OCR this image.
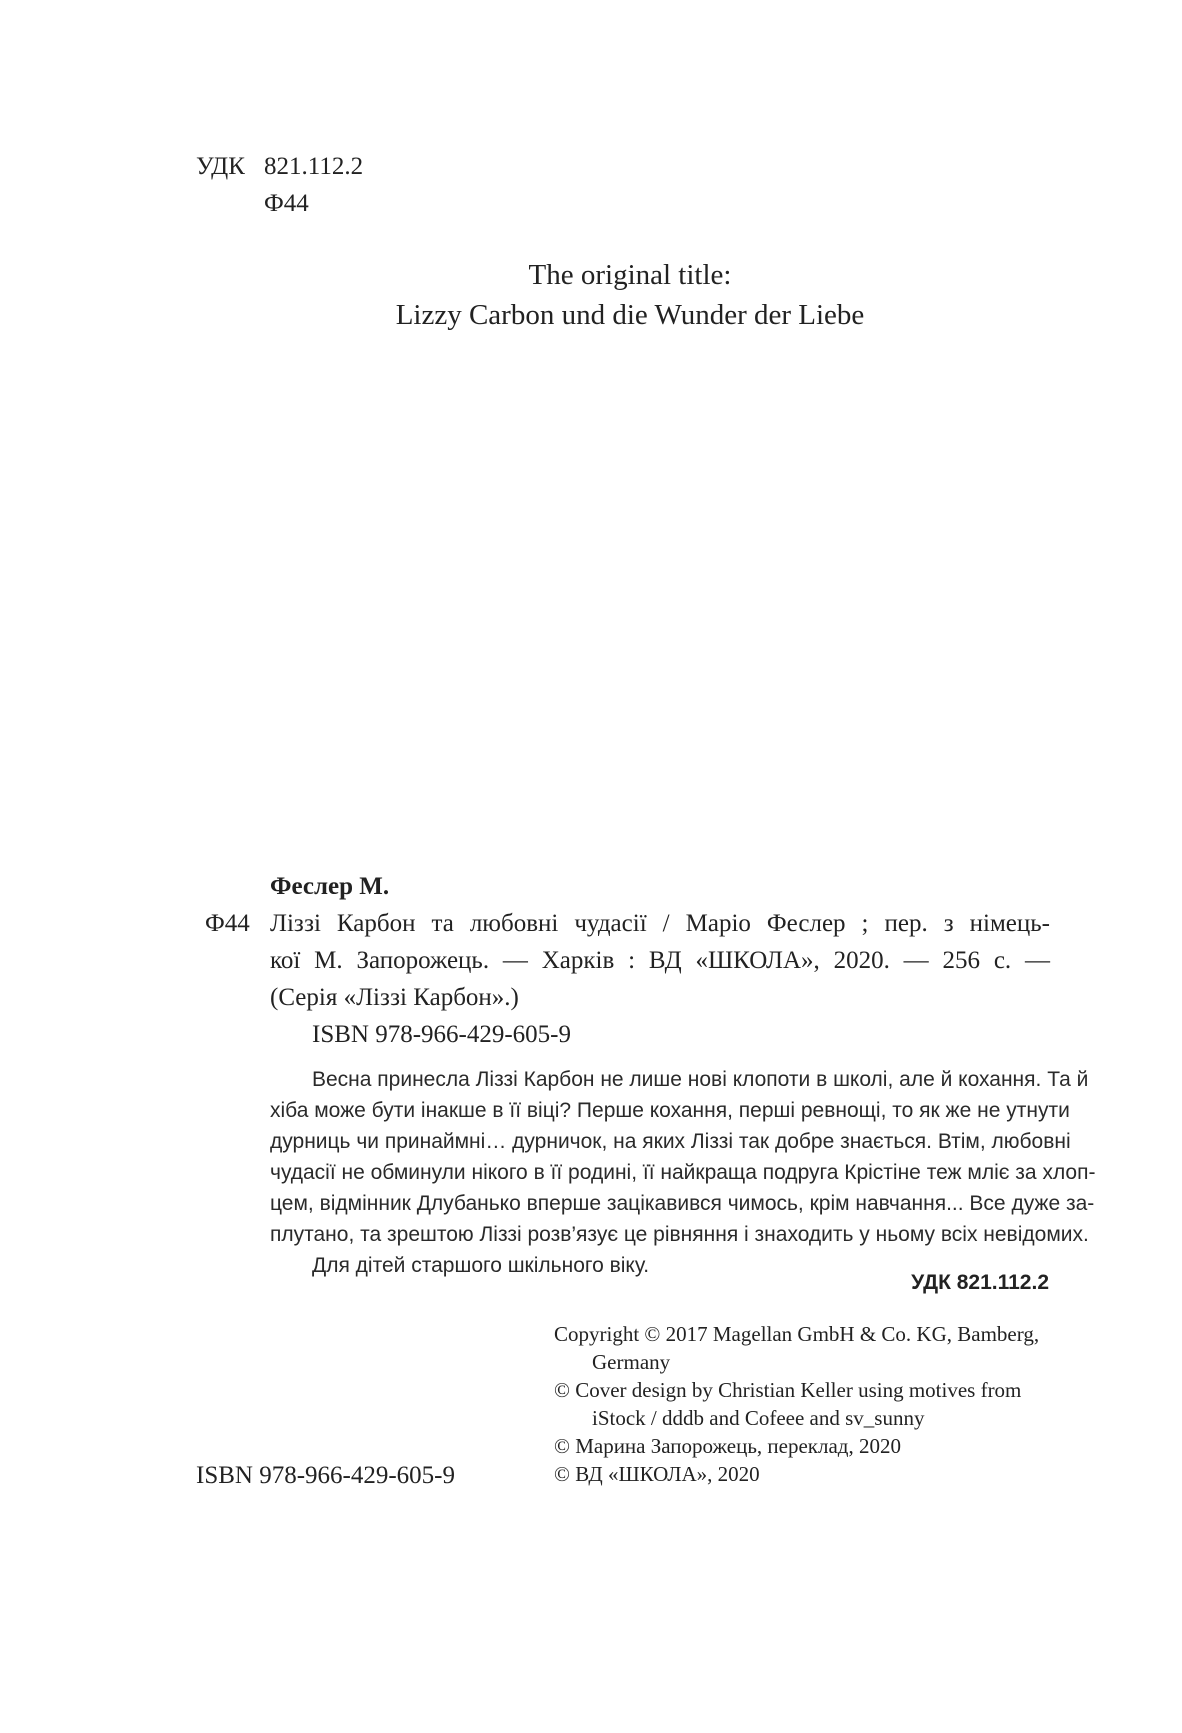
УДК 821.112.2
Ф44
The original title:
Lizzy Carbon und die Wunder der Liebe
Ф44
Феслер М.
Ліззі Карбон та любовні чудасії / Маріо Феслер ; пер. з німець-
кої М. Запорожець. — Харків : ВД «ШКОЛА», 2020. — 256 с. —
(Серія «Ліззі Карбон».)
ISBN 978-966-429-605-9
Весна принесла Ліззі Карбон не лише нові клопоти в школі, але й кохання. Та й
хіба може бути інакше в її віці? Перше кохання, перші ревнощі, то як же не утнути
дурниць чи принаймні… дурничок, на яких Ліззі так добре знається. Втім, любовні
чудасії не обминули нікого в її родині, її найкраща подруга Крістіне теж мліє за хлоп-
цем, відмінник Длубанько вперше зацікавився чимось, крім навчання... Все дуже за-
плутано, та зрештою Ліззі розв’язує це рівняння і знаходить у ньому всіх невідомих.
Для дітей старшого шкільного віку.
УДК 821.112.2
Copyright © 2017 Magellan GmbH & Co. KG, Bamberg,
Germany
© Cover design by Christian Keller using motives from
iStock / dddb and Cofeee and sv_sunny
© Марина Запорожець, переклад, 2020
© ВД «ШКОЛА», 2020
ISBN 978-966-429-605-9
